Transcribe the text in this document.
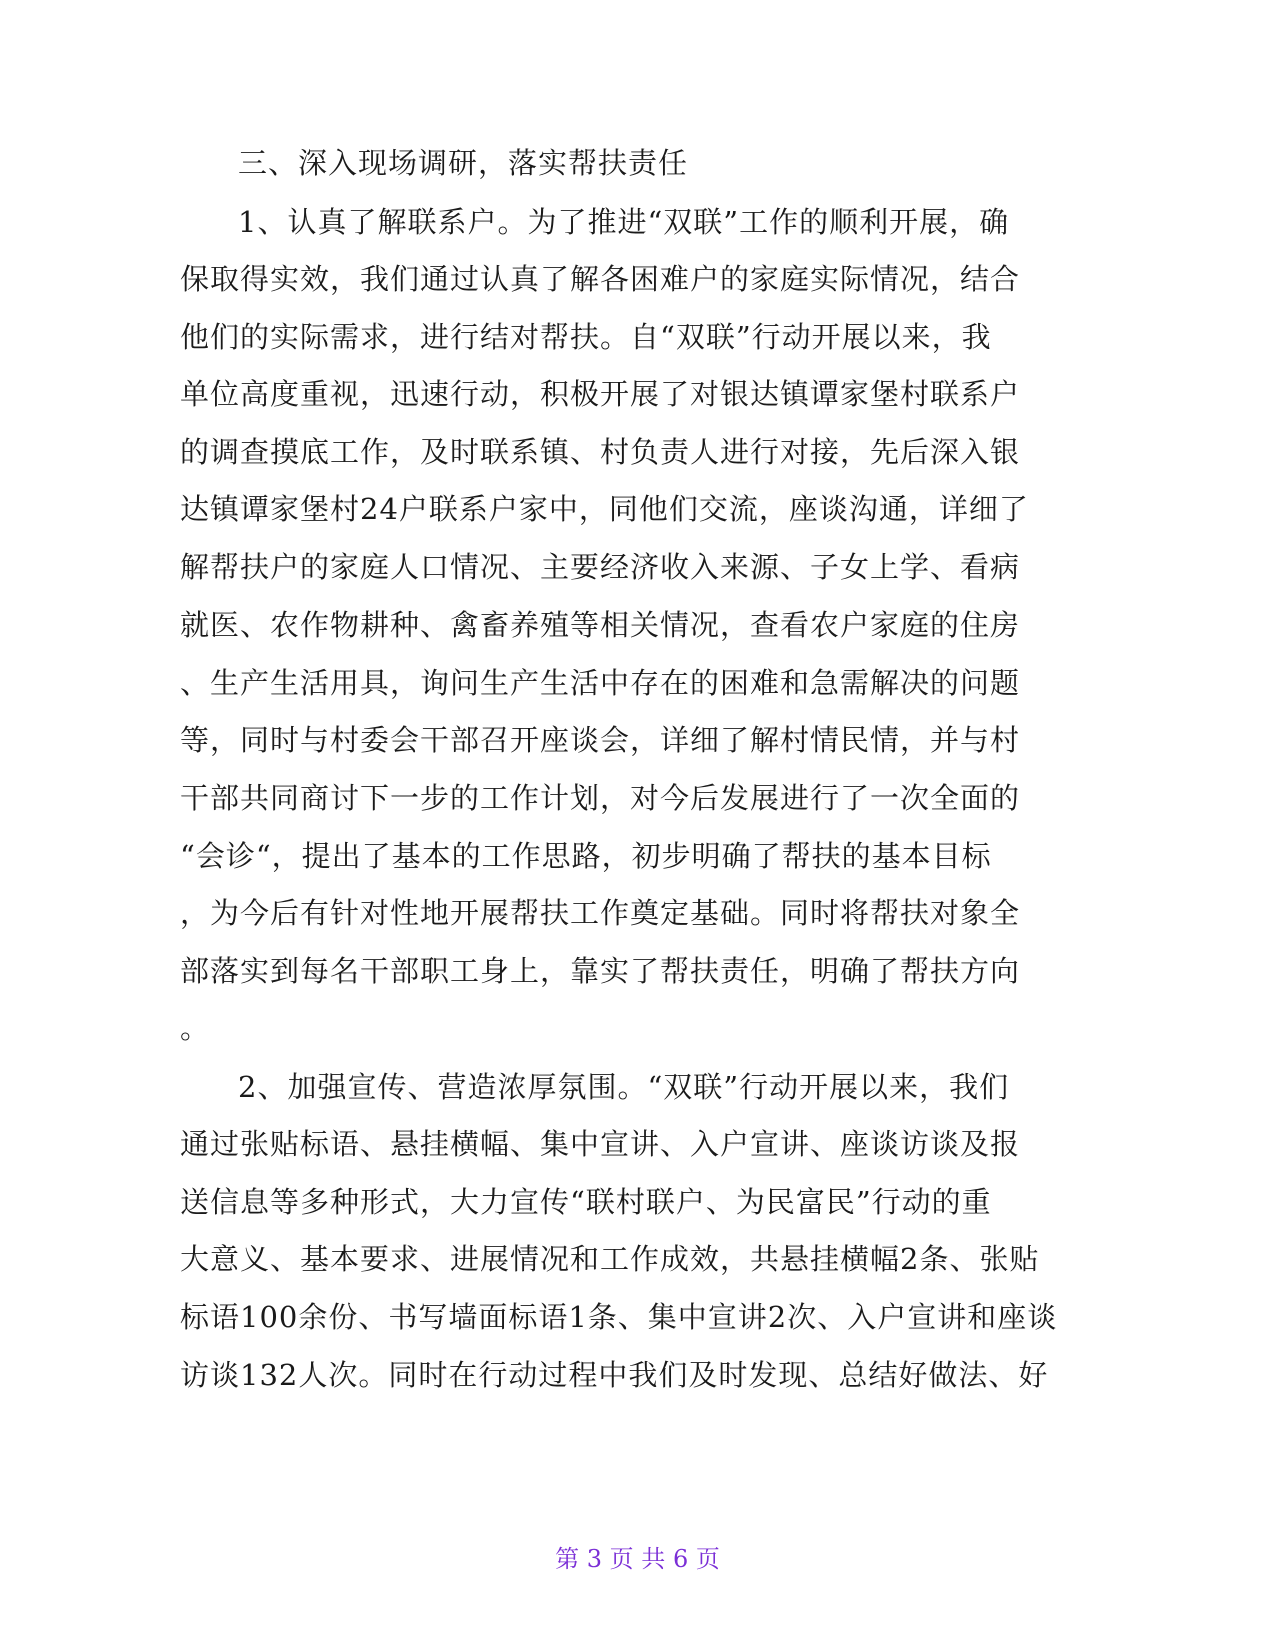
三、深入现场调研，落实帮扶责任
1、认真了解联系户。为了推进“双联”工作的顺利开展，确
保取得实效，我们通过认真了解各困难户的家庭实际情况，结合
他们的实际需求，进行结对帮扶。自“双联”行动开展以来，我
单位高度重视，迅速行动，积极开展了对银达镇谭家堡村联系户
的调查摸底工作，及时联系镇、村负责人进行对接，先后深入银
达镇谭家堡村24户联系户家中，同他们交流，座谈沟通，详细了
解帮扶户的家庭人口情况、主要经济收入来源、子女上学、看病
就医、农作物耕种、禽畜养殖等相关情况，查看农户家庭的住房
、生产生活用具，询问生产生活中存在的困难和急需解决的问题
等，同时与村委会干部召开座谈会，详细了解村情民情，并与村
干部共同商讨下一步的工作计划，对今后发展进行了一次全面的
“会诊“，提出了基本的工作思路，初步明确了帮扶的基本目标
，为今后有针对性地开展帮扶工作奠定基础。同时将帮扶对象全
部落实到每名干部职工身上，靠实了帮扶责任，明确了帮扶方向
。
2、加强宣传、营造浓厚氛围。“双联”行动开展以来，我们
通过张贴标语、悬挂横幅、集中宣讲、入户宣讲、座谈访谈及报
送信息等多种形式，大力宣传“联村联户、为民富民”行动的重
大意义、基本要求、进展情况和工作成效，共悬挂横幅2条、张贴
标语100余份、书写墙面标语1条、集中宣讲2次、入户宣讲和座谈
访谈132人次。同时在行动过程中我们及时发现、总结好做法、好
第 3 页 共 6 页
